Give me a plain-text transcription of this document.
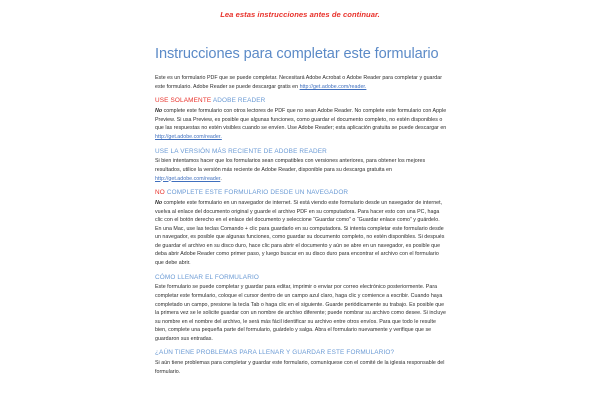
Lea estas instrucciones antes de continuar.
Instrucciones para completar este formulario

Este es un formulario PDF que se puede completar. Necesitará Adobe Acrobat o Adobe Reader para completar y guardar este formulario. Adobe Reader se puede descargar gratis en http://get.adobe.com/reader.

USE SOLAMENTE ADOBE READER

No complete este formulario con otros lectores de PDF que no sean Adobe Reader. No complete este formulario con Apple Preview. Si usa Preview, es posible que algunas funciones, como guardar el documento completo, no estén disponibles o que las respuestas no estén visibles cuando se envíen. Use Adobe Reader; esta aplicación gratuita se puede descargar en http://get.adobe.com/reader.

USE LA VERSIÓN MÁS RECIENTE DE ADOBE READER

Si bien intentamos hacer que los formularios sean compatibles con versiones anteriores, para obtener los mejores resultados, utilice la versión más reciente de Adobe Reader, disponible para su descarga gratuita en http://get.adobe.com/reader.

NO COMPLETE ESTE FORMULARIO DESDE UN NAVEGADOR

No complete este formulario en un navegador de internet. Si está viendo este formulario desde un navegador de internet, vuelva al enlace del documento original y guarde el archivo PDF en su computadora. Para hacer esto con una PC, haga clic con el botón derecho en el enlace del documento y seleccione “Guardar como” o “Guardar enlace como” y guárdelo. En una Mac, use las teclas Comando + clic para guardarlo en su computadora. Si intenta completar este formulario desde un navegador, es posible que algunas funciones, como guardar su documento completo, no estén disponibles. Si después de guardar el archivo en su disco duro, hace clic para abrir el documento y aún se abre en un navegador, es posible que deba abrir Adobe Reader como primer paso, y luego buscar en su disco duro para encontrar el archivo con el formulario que debe abrir.

CÓMO LLENAR EL FORMULARIO

Este formulario se puede completar y guardar para editar, imprimir o enviar por correo electrónico posteriormente. Para completar este formulario, coloque el cursor dentro de un campo azul claro, haga clic y comience a escribir. Cuando haya completado un campo, presione la tecla Tab o haga clic en el siguiente. Guarde periódicamente su trabajo. Es posible que la primera vez se le solicite guardar con un nombre de archivo diferente; puede nombrar su archivo como desee. Si incluye su nombre en el nombre del archivo, le será más fácil identificar su archivo entre otros envíos. Para que todo le resulte bien, complete una pequeña parte del formulario, guárdelo y salga. Abra el formulario nuevamente y verifique que se guardaron sus entradas.

¿AÚN TIENE PROBLEMAS PARA LLENAR Y GUARDAR ESTE FORMULARIO?

Si aún tiene problemas para completar y guardar este formulario, comuníquese con el comité de la iglesia responsable del formulario.
